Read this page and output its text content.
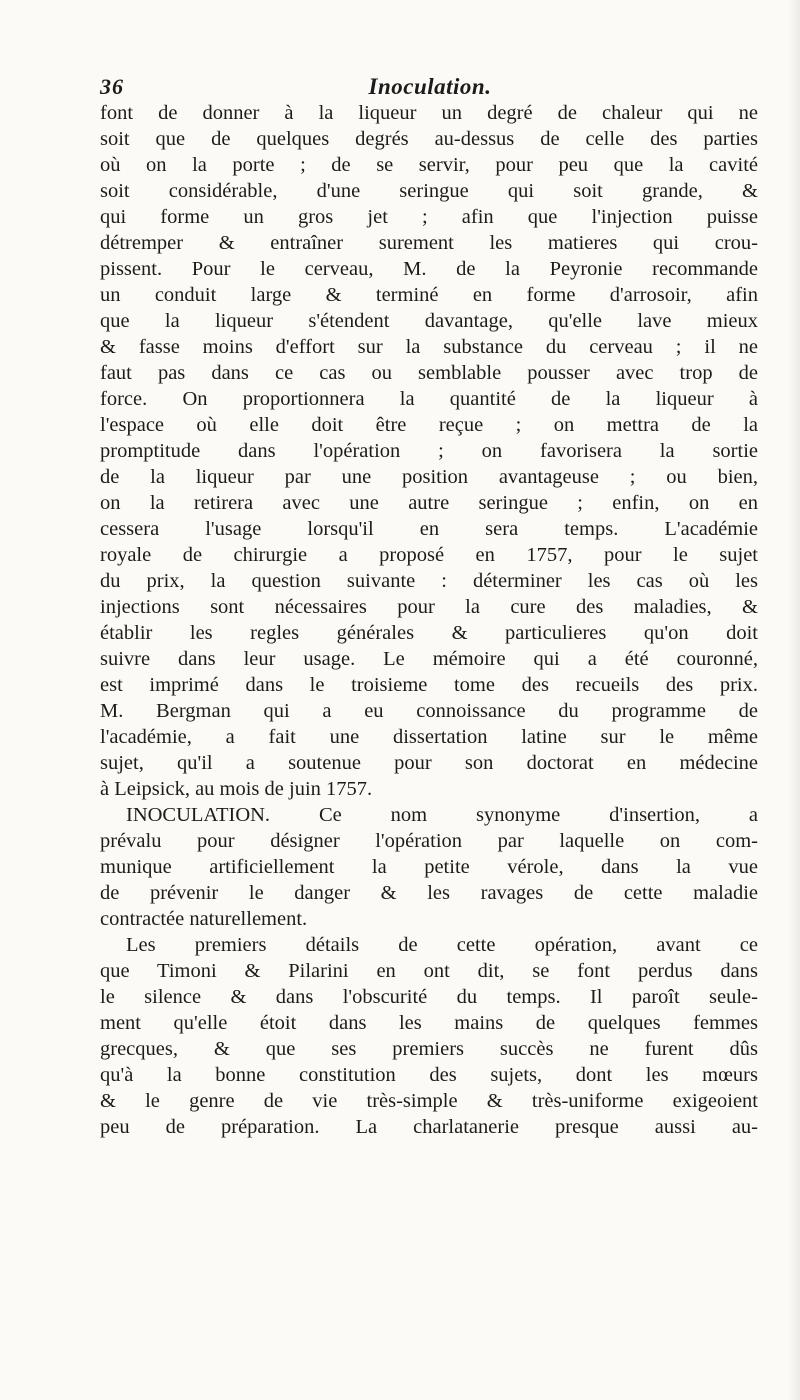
36	Inoculation.
font de donner à la liqueur un degré de chaleur qui ne
soit que de quelques degrés au-dessus de celle des parties
où on la porte ; de se servir, pour peu que la cavité
soit considérable, d'une seringue qui soit grande, &
qui forme un gros jet ; afin que l'injection puisse
détremper & entraîner surement les matieres qui crou-
pissent. Pour le cerveau, M. de la Peyronie recommande
un conduit large & terminé en forme d'arrosoir, afin
que la liqueur s'étendent davantage, qu'elle lave mieux
& fasse moins d'effort sur la substance du cerveau ; il ne
faut pas dans ce cas ou semblable pousser avec trop de
force. On proportionnera la quantité de la liqueur à
l'espace où elle doit être reçue ; on mettra de la
promptitude dans l'opération ; on favorisera la sortie
de la liqueur par une position avantageuse ; ou bien,
on la retirera avec une autre seringue ; enfin, on en
cessera l'usage lorsqu'il en sera temps. L'académie
royale de chirurgie a proposé en 1757, pour le sujet
du prix, la question suivante : déterminer les cas où les
injections sont nécessaires pour la cure des maladies, &
établir les regles générales & particulieres qu'on doit
suivre dans leur usage. Le mémoire qui a été couronné,
est imprimé dans le troisieme tome des recueils des prix.
M. Bergman qui a eu connoissance du programme de
l'académie, a fait une dissertation latine sur le même
sujet, qu'il a soutenue pour son doctorat en médecine
à Leipsick, au mois de juin 1757.
INOCULATION. Ce nom synonyme d'insertion, a
prévalu pour désigner l'opération par laquelle on com-
munique artificiellement la petite vérole, dans la vue
de prévenir le danger & les ravages de cette maladie
contractée naturellement.
Les premiers détails de cette opération, avant ce
que Timoni & Pilarini en ont dit, se font perdus dans
le silence & dans l'obscurité du temps. Il paroît seule-
ment qu'elle étoit dans les mains de quelques femmes
grecques, & que ses premiers succès ne furent dûs
qu'à la bonne constitution des sujets, dont les mœurs
& le genre de vie très-simple & très-uniforme exigeoient
peu de préparation. La charlatanerie presque aussi au-
